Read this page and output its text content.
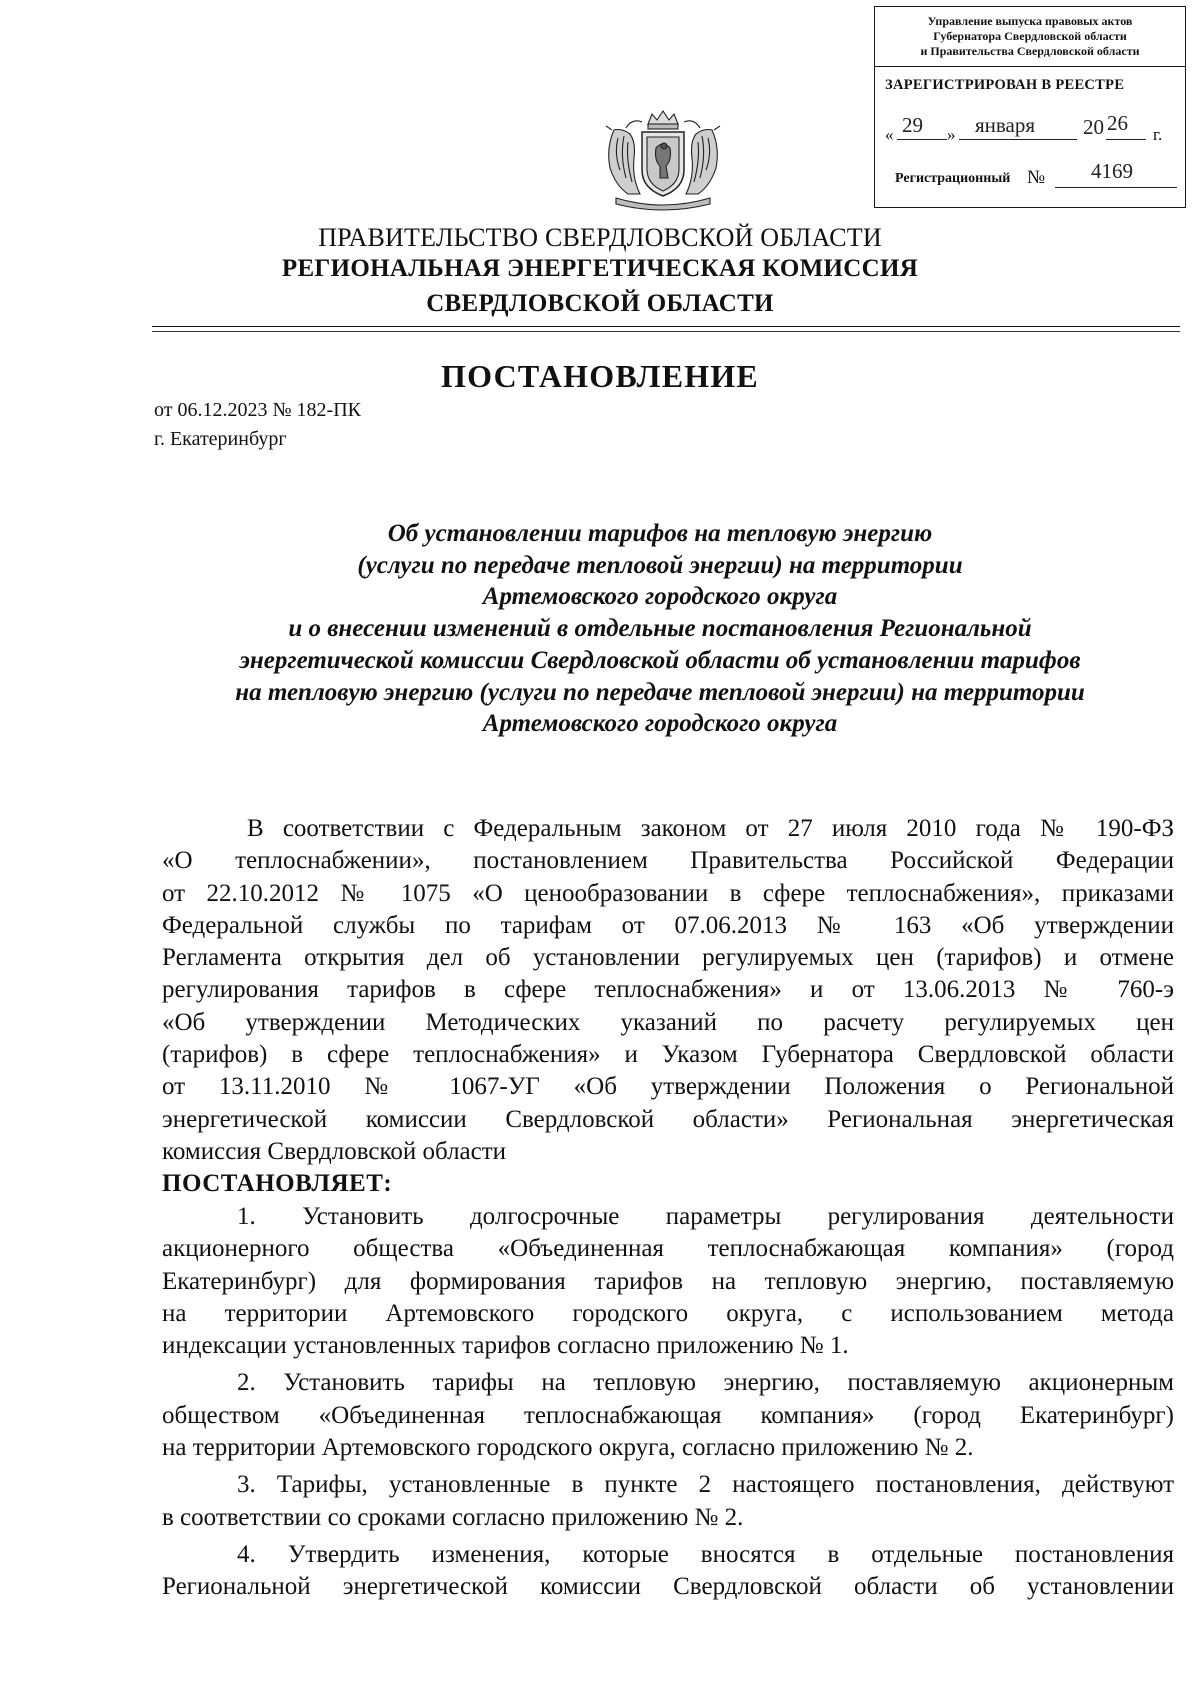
Управление выпуска правовых актов
Губернатора Свердловской области
и Правительства Свердловской области
ЗАРЕГИСТРИРОВАН В РЕЕСТРЕ
« 29 » января 20 26 г.
Регистрационный № 4169
ПРАВИТЕЛЬСТВО СВЕРДЛОВСКОЙ ОБЛАСТИ
РЕГИОНАЛЬНАЯ ЭНЕРГЕТИЧЕСКАЯ КОМИССИЯ
СВЕРДЛОВСКОЙ ОБЛАСТИ
ПОСТАНОВЛЕНИЕ
от 06.12.2023 № 182-ПК
г. Екатеринбург
Об установлении тарифов на тепловую энергию
(услуги по передаче тепловой энергии) на территории
Артемовского городского округа
и о внесении изменений в отдельные постановления Региональной
энергетической комиссии Свердловской области об установлении тарифов
на тепловую энергию (услуги по передаче тепловой энергии) на территории
Артемовского городского округа
В соответствии с Федеральным законом от 27 июля 2010 года № 190-ФЗ
«О теплоснабжении», постановлением Правительства Российской Федерации
от 22.10.2012 № 1075 «О ценообразовании в сфере теплоснабжения», приказами
Федеральной службы по тарифам от 07.06.2013 № 163 «Об утверждении
Регламента открытия дел об установлении регулируемых цен (тарифов) и отмене
регулирования тарифов в сфере теплоснабжения» и от 13.06.2013 № 760-э
«Об утверждении Методических указаний по расчету регулируемых цен
(тарифов) в сфере теплоснабжения» и Указом Губернатора Свердловской области
от 13.11.2010 № 1067-УГ «Об утверждении Положения о Региональной
энергетической комиссии Свердловской области» Региональная энергетическая
комиссия Свердловской области
ПОСТАНОВЛЯЕТ:
1. Установить долгосрочные параметры регулирования деятельности
акционерного общества «Объединенная теплоснабжающая компания» (город
Екатеринбург) для формирования тарифов на тепловую энергию, поставляемую
на территории Артемовского городского округа, с использованием метода
индексации установленных тарифов согласно приложению № 1.
2. Установить тарифы на тепловую энергию, поставляемую акционерным
обществом «Объединенная теплоснабжающая компания» (город Екатеринбург)
на территории Артемовского городского округа, согласно приложению № 2.
3. Тарифы, установленные в пункте 2 настоящего постановления, действуют
в соответствии со сроками согласно приложению № 2.
4. Утвердить изменения, которые вносятся в отдельные постановления
Региональной энергетической комиссии Свердловской области об установлении
